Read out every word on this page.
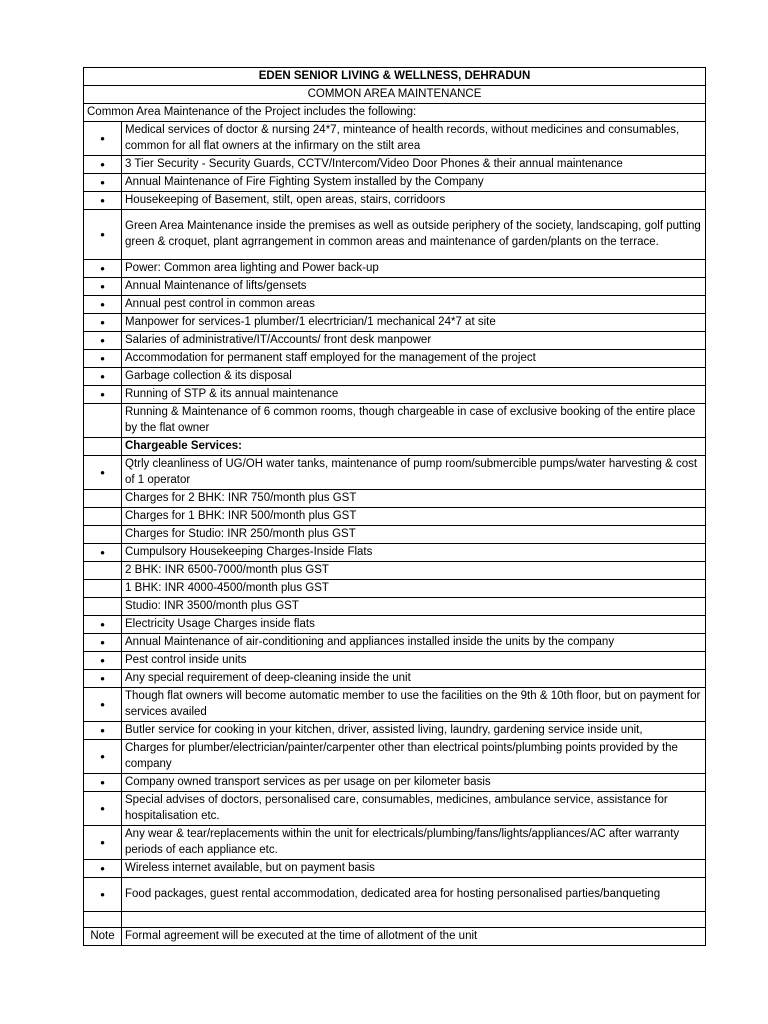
EDEN SENIOR LIVING & WELLNESS, DEHRADUN	
COMMON AREA MAINTENANCE	
Common Area Maintenance of the Project includes the following:	
•	Medical services of doctor & nursing 24*7, minteance of health records, without medicines and consumables, common for all flat owners at the infirmary on the stilt area
•	3 Tier Security - Security Guards, CCTV/Intercom/Video Door Phones & their annual maintenance
•	Annual Maintenance of Fire Fighting System installed by the Company
•	Housekeeping of Basement, stilt, open areas, stairs, corridoors
•	Green Area Maintenance inside the premises as well as outside periphery of the society, landscaping, golf putting green & croquet, plant agrrangement in common areas and maintenance of garden/plants on the terrace.
•	Power: Common area lighting and Power back-up
•	Annual Maintenance of lifts/gensets
•	Annual pest control in common areas
•	Manpower for services-1 plumber/1 elecrtrician/1 mechanical 24*7 at site
•	Salaries of administrative/IT/Accounts/ front desk manpower
•	Accommodation for permanent staff employed for the management of the project
•	Garbage collection & its disposal
•	Running of STP & its annual maintenance
	Running & Maintenance of 6 common rooms, though chargeable in case of exclusive booking of the entire place by the flat owner
	Chargeable Services:
•	Qtrly cleanliness of UG/OH water tanks, maintenance of pump room/submercible pumps/water harvesting & cost of 1 operator
	Charges for 2 BHK: INR 750/month plus GST
	Charges for 1 BHK: INR 500/month plus GST
	Charges for Studio: INR 250/month plus GST
•	Cumpulsory Housekeeping Charges-Inside Flats
	2 BHK: INR 6500-7000/month plus GST
	1 BHK: INR 4000-4500/month plus GST
	Studio: INR 3500/month plus GST
•	Electricity Usage Charges inside flats
•	Annual Maintenance of air-conditioning and appliances installed inside the units by the company
•	Pest control inside units
•	Any special requirement of deep-cleaning inside the unit
•	Though flat owners will become automatic member to use the facilities on the 9th & 10th floor, but on payment for services availed
•	Butler service for cooking in your kitchen, driver, assisted living, laundry, gardening service inside unit,
•	Charges for plumber/electrician/painter/carpenter other than electrical points/plumbing points provided by the company
•	Company owned transport services as per usage on per kilometer basis
•	Special advises of doctors, personalised care, consumables, medicines, ambulance service, assistance for hospitalisation etc.
•	Any wear & tear/replacements within the unit for electricals/plumbing/fans/lights/appliances/AC after warranty periods of each appliance etc.
•	Wireless internet available, but on payment basis
•	Food packages, guest rental accommodation, dedicated area for hosting personalised parties/banqueting

Note	Formal agreement will be executed at the time of allotment of the unit
